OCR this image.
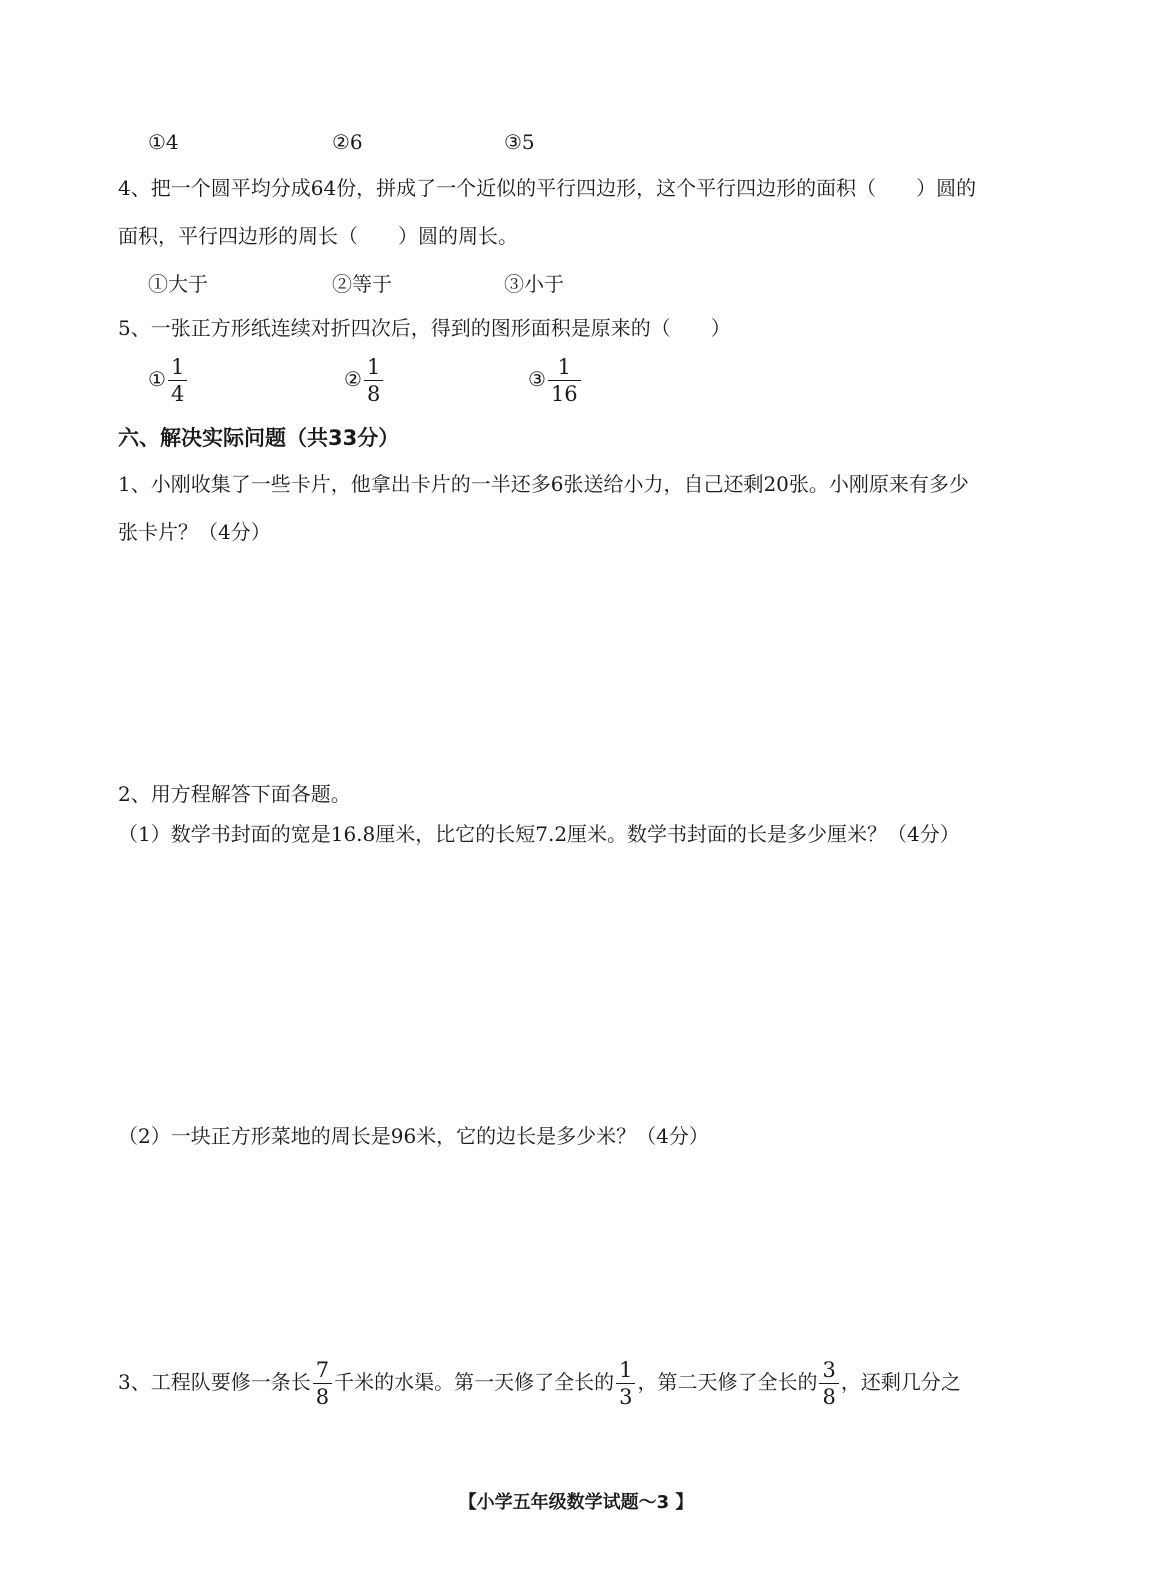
①4	②6	③5
4、把一个圆平均分成64份，拼成了一个近似的平行四边形，这个平行四边形的面积（　　）圆的
面积，平行四边形的周长（　　）圆的周长。
①大于	②等于	③小于
5、一张正方形纸连续对折四次后，得到的图形面积是原来的（　　）
① $\frac{1}{4}$	② $\frac{1}{8}$	③ $\frac{1}{16}$
六、解决实际问题（共33分）
1、小刚收集了一些卡片，他拿出卡片的一半还多6张送给小力，自己还剩20张。小刚原来有多少
张卡片？（4分）
2、用方程解答下面各题。
（1）数学书封面的宽是16.8厘米，比它的长短7.2厘米。数学书封面的长是多少厘米？（4分）
（2）一块正方形菜地的周长是96米，它的边长是多少米？（4分）
3、工程队要修一条长 $\frac{7}{8}$ 千米的水渠。第一天修了全长的 $\frac{1}{3}$ ，第二天修了全长的 $\frac{3}{8}$ ，还剩几分之
【小学五年级数学试题～3 】
